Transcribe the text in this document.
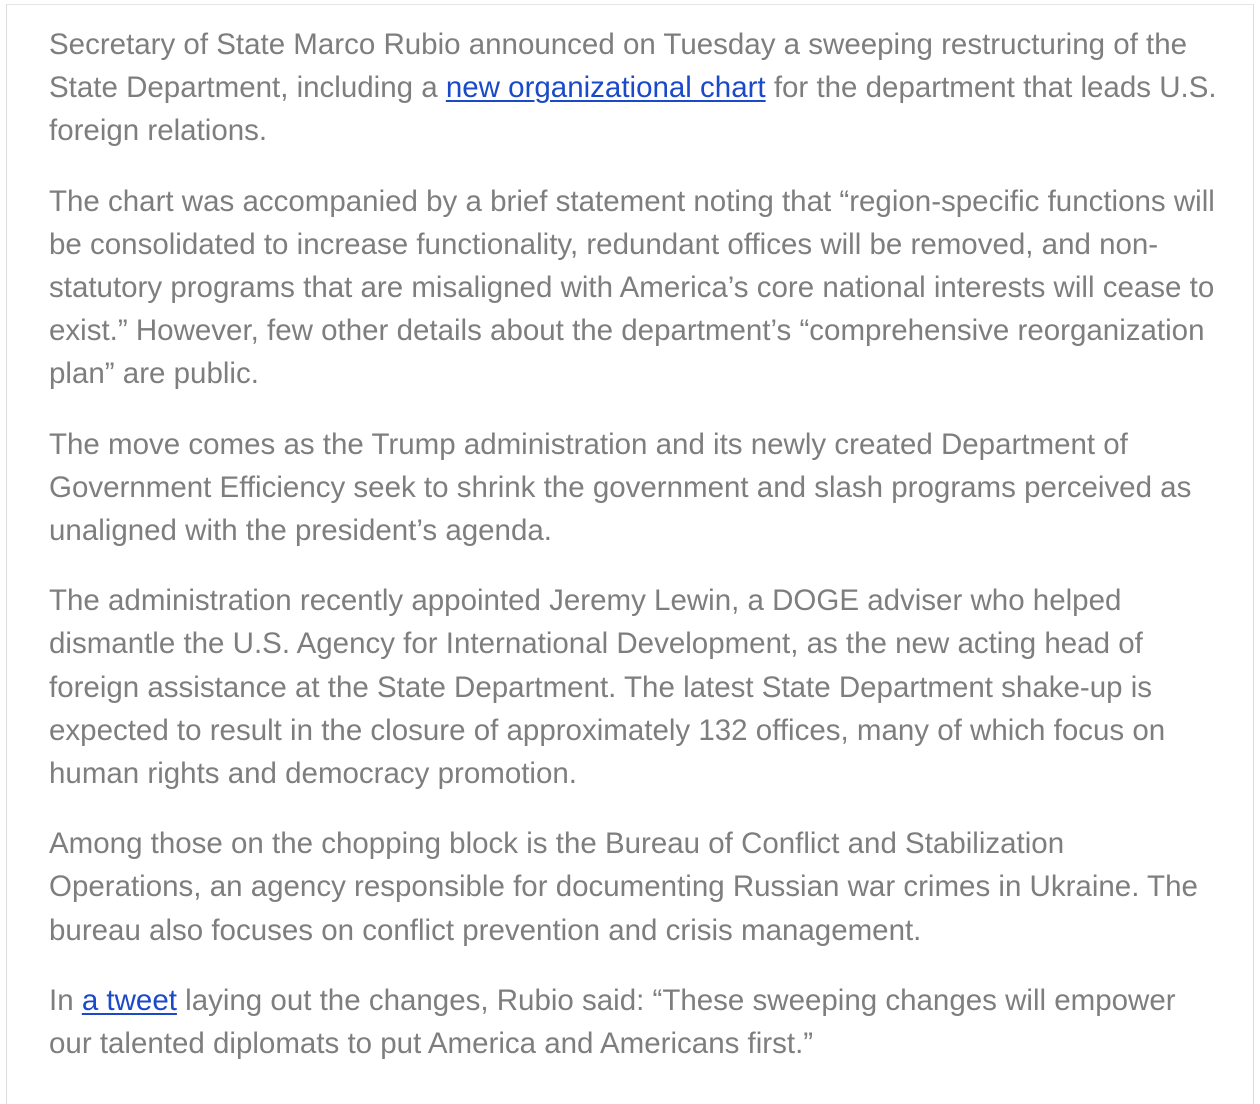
Secretary of State Marco Rubio announced on Tuesday a sweeping restructuring of the State Department, including a new organizational chart for the department that leads U.S. foreign relations.

The chart was accompanied by a brief statement noting that “region-specific functions will be consolidated to increase functionality, redundant offices will be removed, and non-statutory programs that are misaligned with America’s core national interests will cease to exist.” However, few other details about the department’s “comprehensive reorganization plan” are public.

The move comes as the Trump administration and its newly created Department of Government Efficiency seek to shrink the government and slash programs perceived as unaligned with the president’s agenda.

The administration recently appointed Jeremy Lewin, a DOGE adviser who helped dismantle the U.S. Agency for International Development, as the new acting head of foreign assistance at the State Department. The latest State Department shake-up is expected to result in the closure of approximately 132 offices, many of which focus on human rights and democracy promotion.

Among those on the chopping block is the Bureau of Conflict and Stabilization Operations, an agency responsible for documenting Russian war crimes in Ukraine. The bureau also focuses on conflict prevention and crisis management.

In a tweet laying out the changes, Rubio said: “These sweeping changes will empower our talented diplomats to put America and Americans first.”
